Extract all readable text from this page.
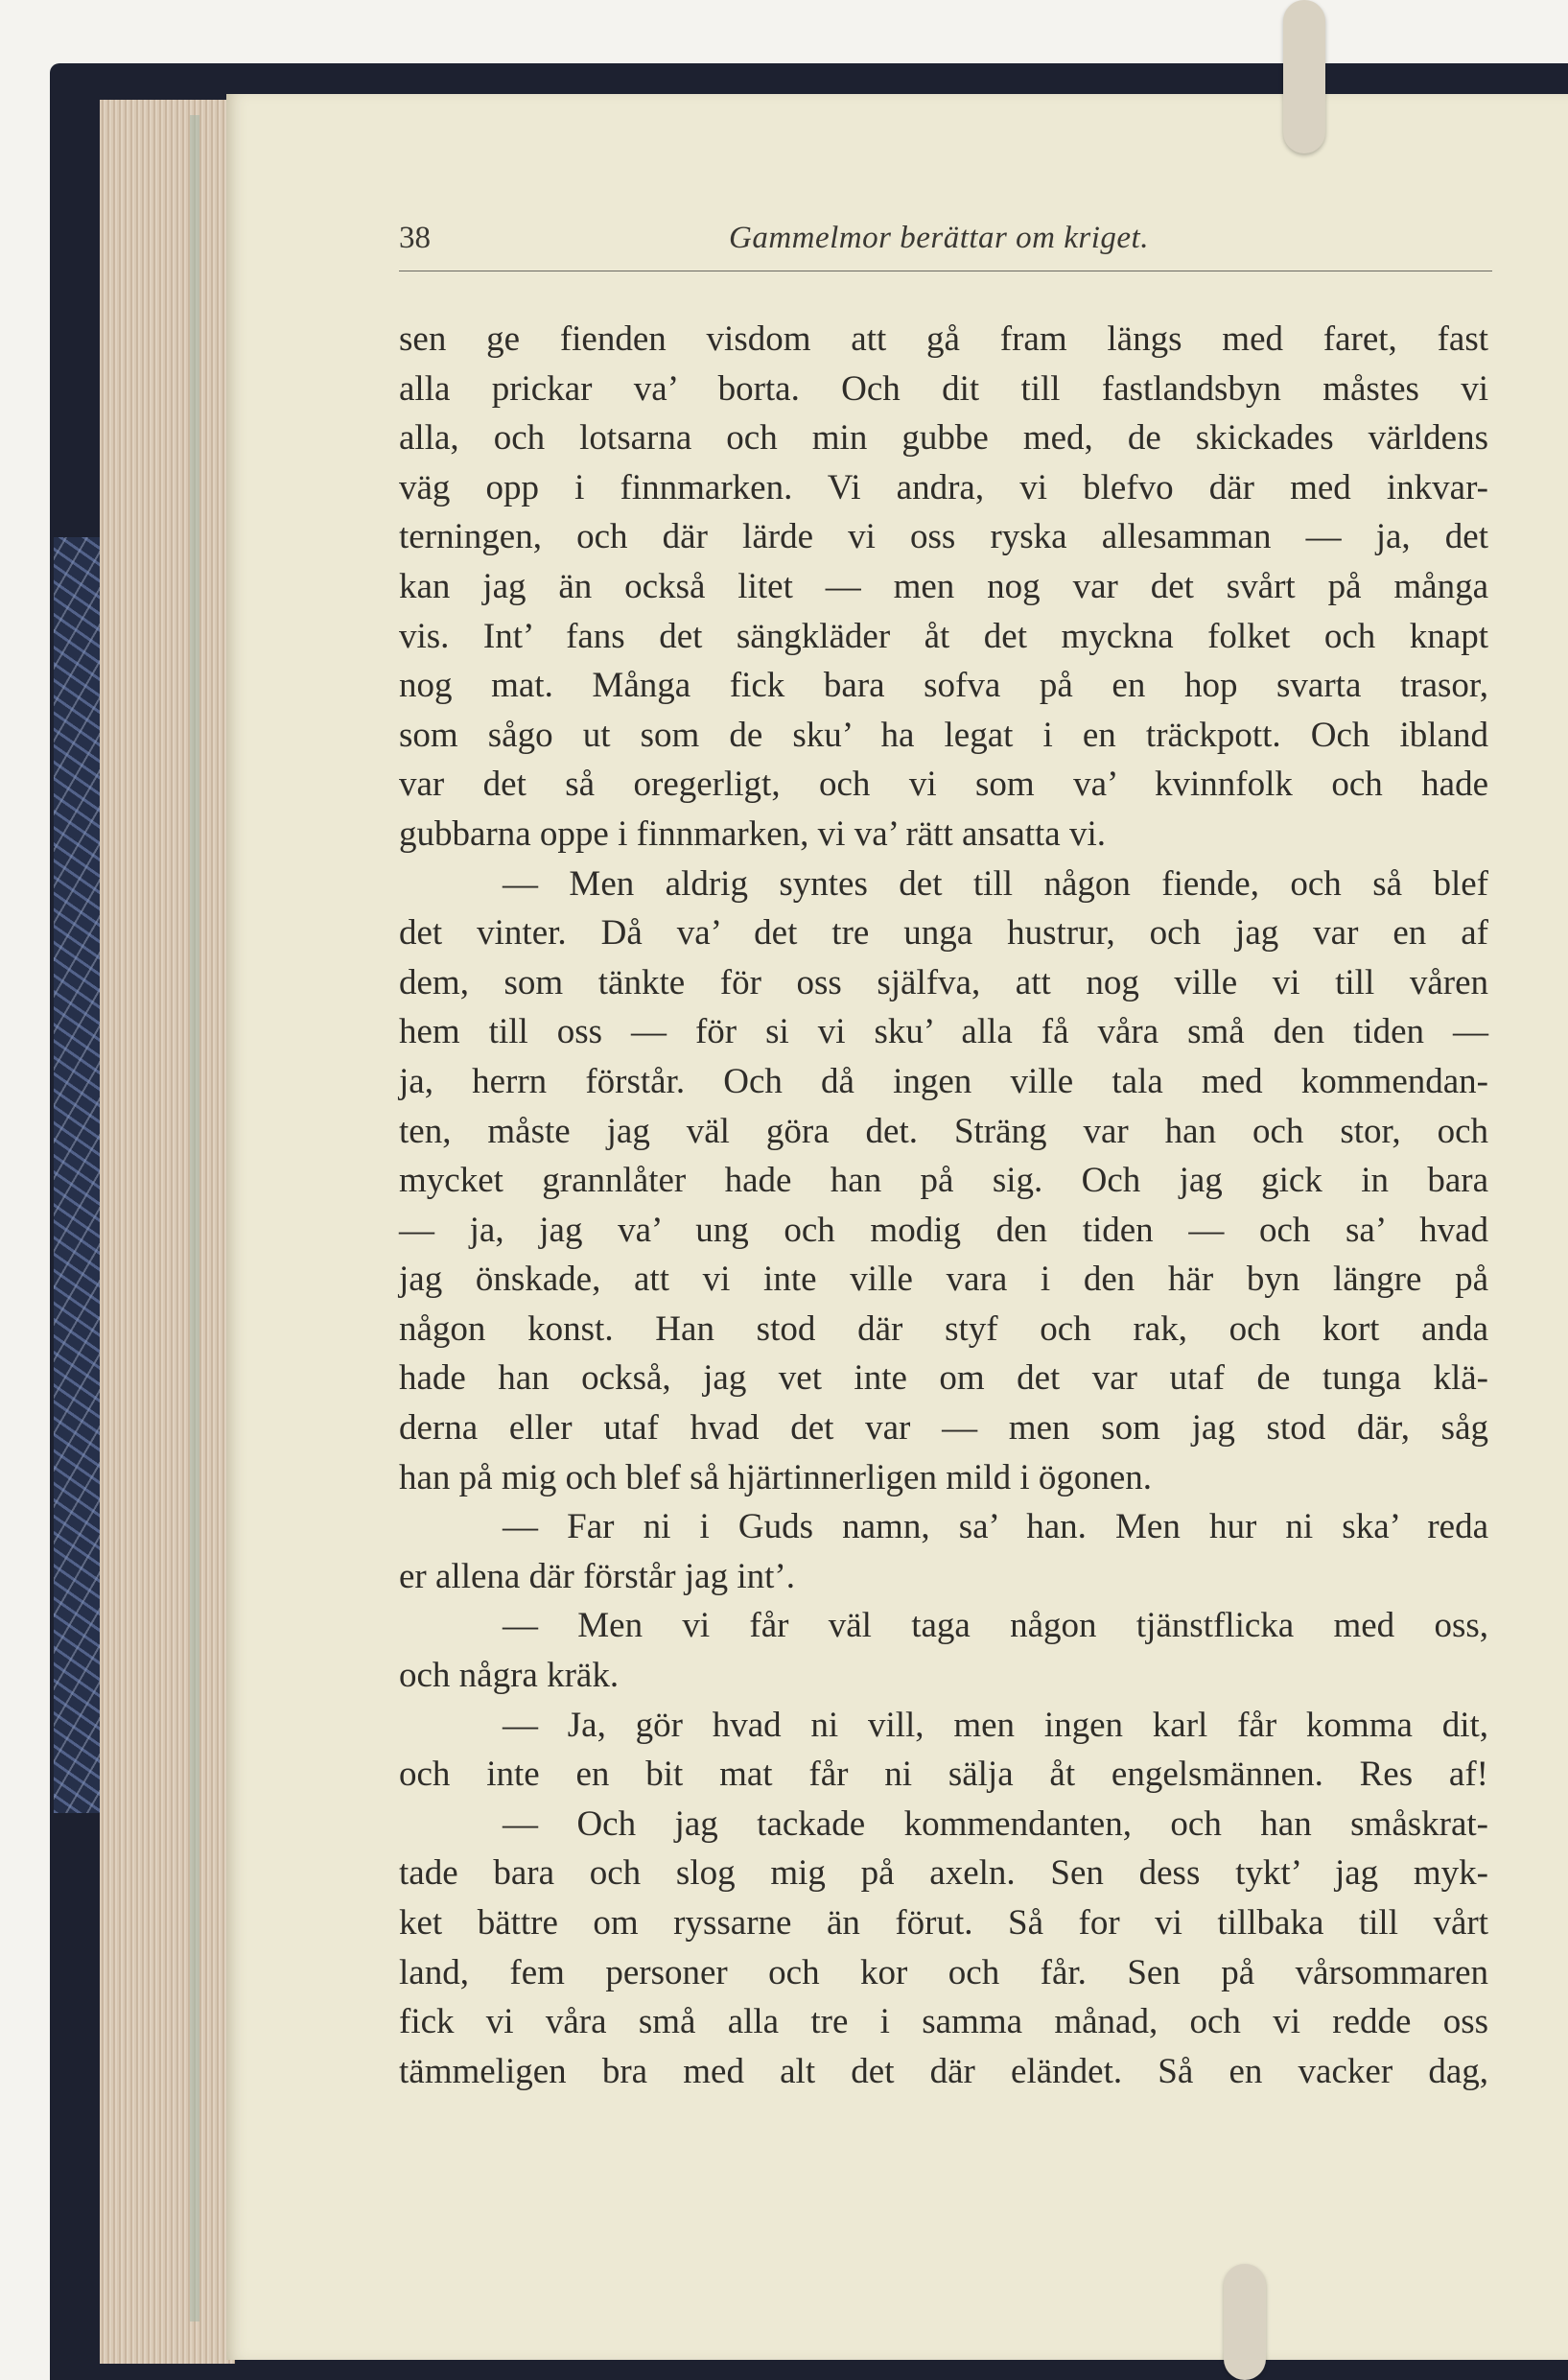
38	Gammelmor berättar om kriget.
sen ge fienden visdom att gå fram längs med faret, fast
alla prickar va’ borta. Och dit till fastlandsbyn måstes vi
alla, och lotsarna och min gubbe med, de skickades världens
väg opp i finnmarken. Vi andra, vi blefvo där med inkvar-
terningen, och där lärde vi oss ryska allesamman — ja, det
kan jag än också litet — men nog var det svårt på många
vis. Int’ fans det sängkläder åt det myckna folket och knapt
nog mat. Många fick bara sofva på en hop svarta trasor,
som sågo ut som de sku’ ha legat i en träckpott. Och ibland
var det så oregerligt, och vi som va’ kvinnfolk och hade
gubbarna oppe i finnmarken, vi va’ rätt ansatta vi.
— Men aldrig syntes det till någon fiende, och så blef
det vinter. Då va’ det tre unga hustrur, och jag var en af
dem, som tänkte för oss själfva, att nog ville vi till våren
hem till oss — för si vi sku’ alla få våra små den tiden —
ja, herrn förstår. Och då ingen ville tala med kommendan-
ten, måste jag väl göra det. Sträng var han och stor, och
mycket grannlåter hade han på sig. Och jag gick in bara
— ja, jag va’ ung och modig den tiden — och sa’ hvad
jag önskade, att vi inte ville vara i den här byn längre på
någon konst. Han stod där styf och rak, och kort anda
hade han också, jag vet inte om det var utaf de tunga klä-
derna eller utaf hvad det var — men som jag stod där, såg
han på mig och blef så hjärtinnerligen mild i ögonen.
— Far ni i Guds namn, sa’ han. Men hur ni ska’ reda
er allena där förstår jag int’.
— Men vi får väl taga någon tjänstflicka med oss,
och några kräk.
— Ja, gör hvad ni vill, men ingen karl får komma dit,
och inte en bit mat får ni sälja åt engelsmännen. Res af!
— Och jag tackade kommendanten, och han småskrat-
tade bara och slog mig på axeln. Sen dess tykt’ jag myk-
ket bättre om ryssarne än förut. Så for vi tillbaka till vårt
land, fem personer och kor och får. Sen på vårsommaren
fick vi våra små alla tre i samma månad, och vi redde oss
tämmeligen bra med alt det där eländet. Så en vacker dag,
